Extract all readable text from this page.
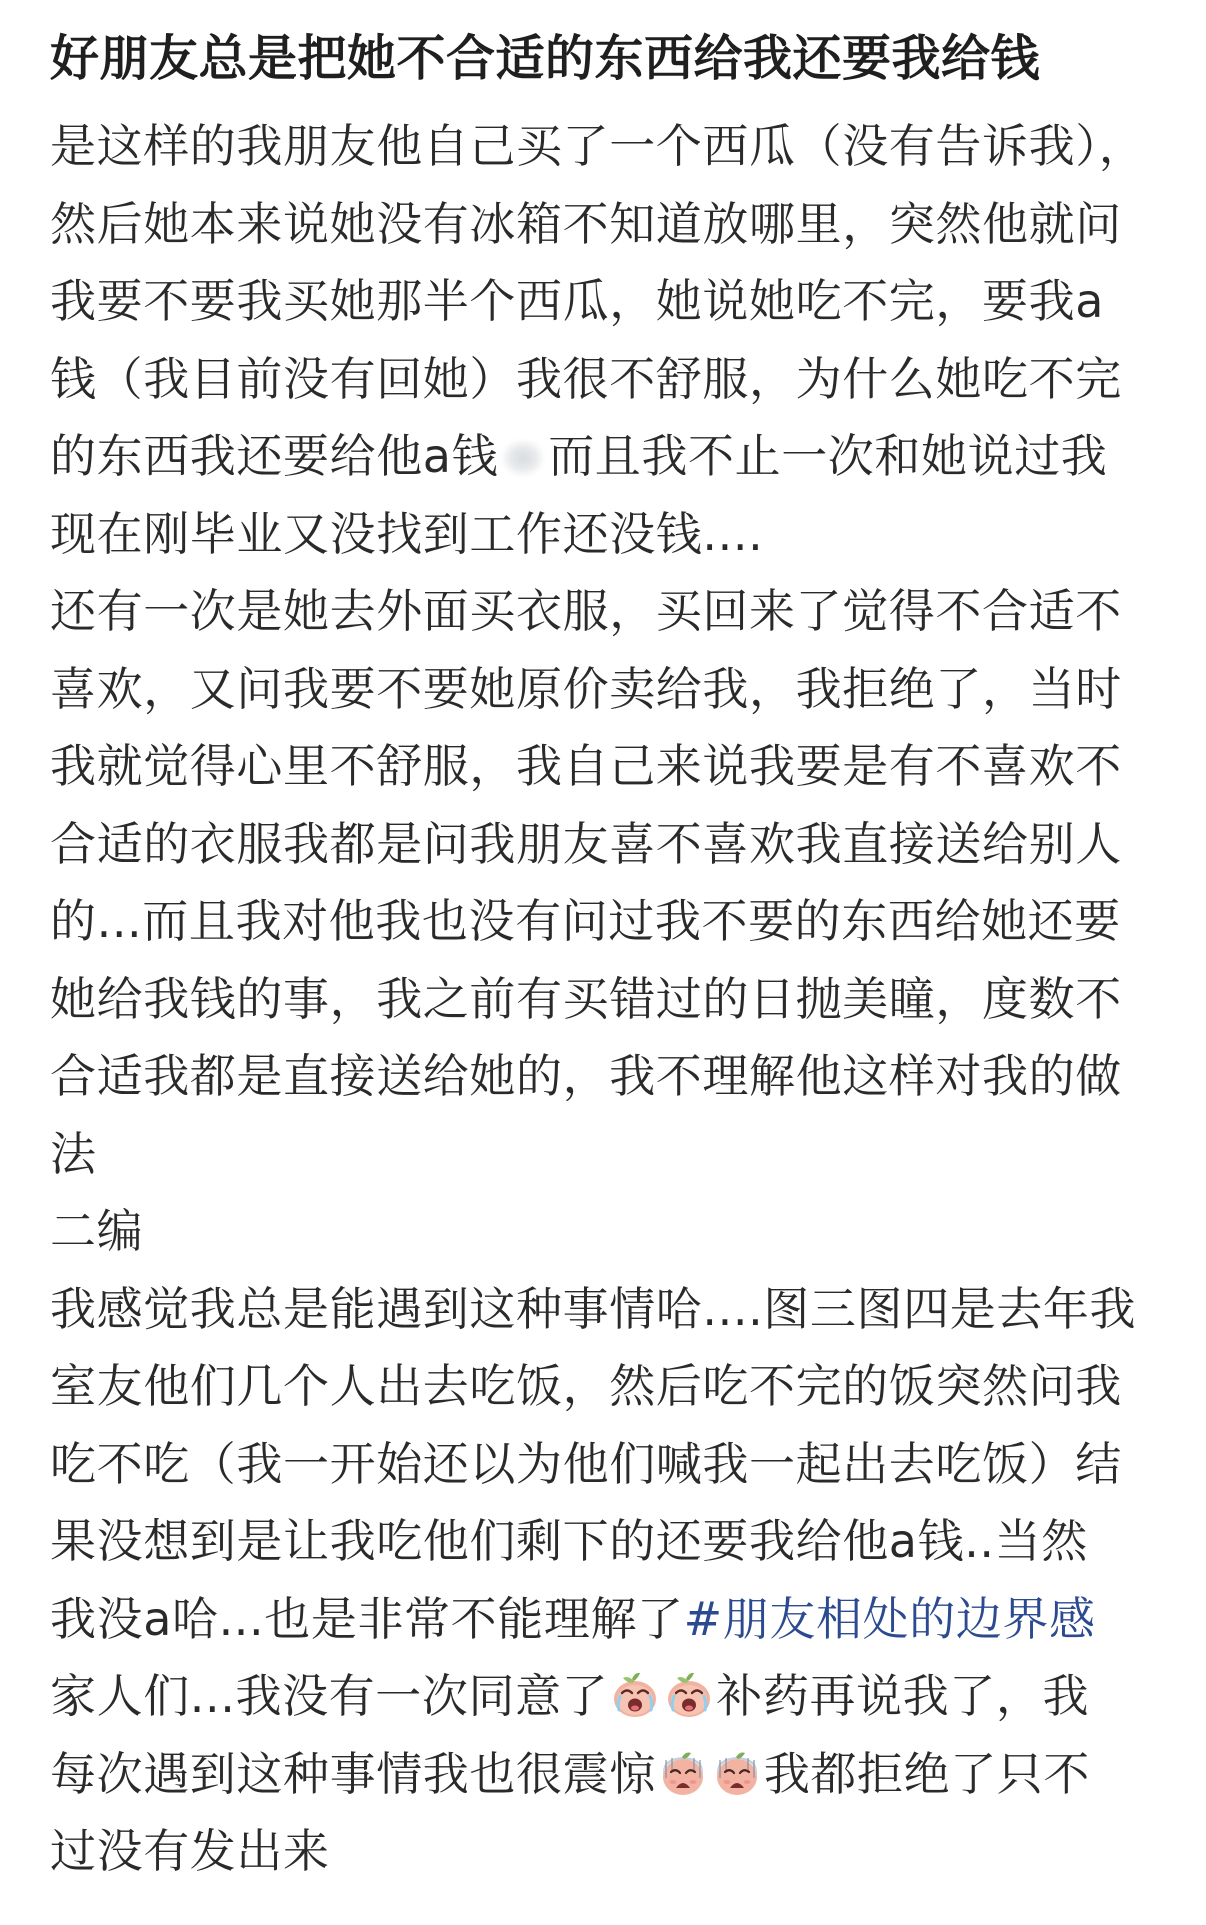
好朋友总是把她不合适的东西给我还要我给钱
是这样的我朋友他自己买了一个西瓜（没有告诉我），
然后她本来说她没有冰箱不知道放哪里，突然他就问
我要不要我买她那半个西瓜，她说她吃不完，要我a
钱（我目前没有回她）我很不舒服，为什么她吃不完
的东西我还要给他a钱 而且我不止一次和她说过我
现在刚毕业又没找到工作还没钱....
还有一次是她去外面买衣服，买回来了觉得不合适不
喜欢，又问我要不要她原价卖给我，我拒绝了，当时
我就觉得心里不舒服，我自己来说我要是有不喜欢不
合适的衣服我都是问我朋友喜不喜欢我直接送给别人
的...而且我对他我也没有问过我不要的东西给她还要
她给我钱的事，我之前有买错过的日抛美瞳，度数不
合适我都是直接送给她的，我不理解他这样对我的做
法
二编
我感觉我总是能遇到这种事情哈....图三图四是去年我
室友他们几个人出去吃饭，然后吃不完的饭突然问我
吃不吃（我一开始还以为他们喊我一起出去吃饭）结
果没想到是让我吃他们剩下的还要我给他a钱..当然
我没a哈...也是非常不能理解了#朋友相处的边界感
家人们...我没有一次同意了 补药再说我了，我
每次遇到这种事情我也很震惊 我都拒绝了只不
过没有发出来
